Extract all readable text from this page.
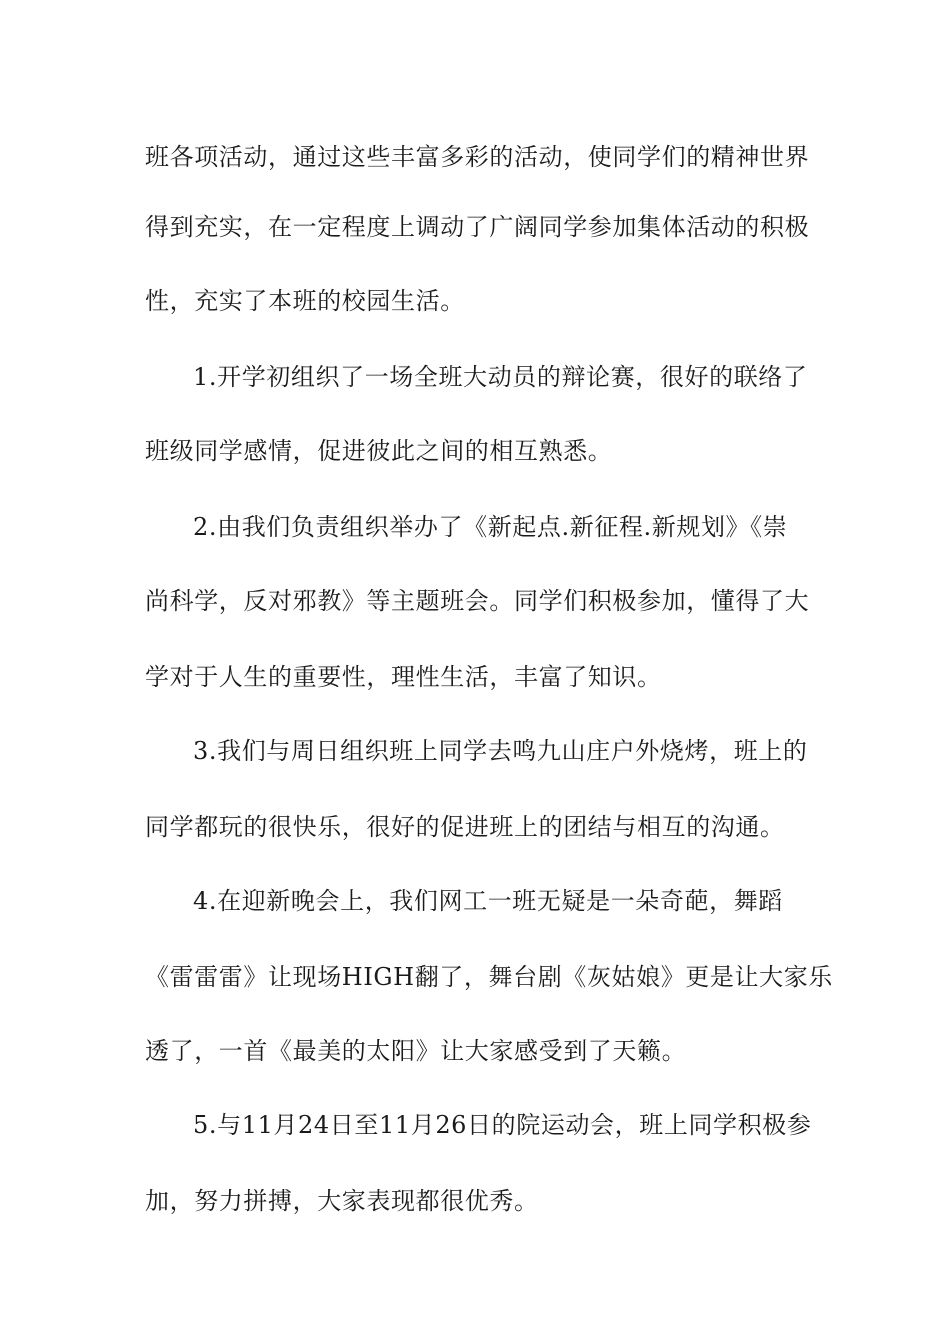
班各项活动，通过这些丰富多彩的活动，使同学们的精神世界
得到充实，在一定程度上调动了广阔同学参加集体活动的积极
性，充实了本班的校园生活。
1.开学初组织了一场全班大动员的辩论赛，很好的联络了
班级同学感情，促进彼此之间的相互熟悉。
2.由我们负责组织举办了《新起点.新征程.新规划》《崇
尚科学，反对邪教》等主题班会。同学们积极参加，懂得了大
学对于人生的重要性，理性生活，丰富了知识。
3.我们与周日组织班上同学去鸣九山庄户外烧烤，班上的
同学都玩的很快乐，很好的促进班上的团结与相互的沟通。
4.在迎新晚会上，我们网工一班无疑是一朵奇葩，舞蹈
《雷雷雷》让现场HIGH翻了，舞台剧《灰姑娘》更是让大家乐
透了，一首《最美的太阳》让大家感受到了天籁。
5.与11月24日至11月26日的院运动会，班上同学积极参
加，努力拼搏，大家表现都很优秀。
